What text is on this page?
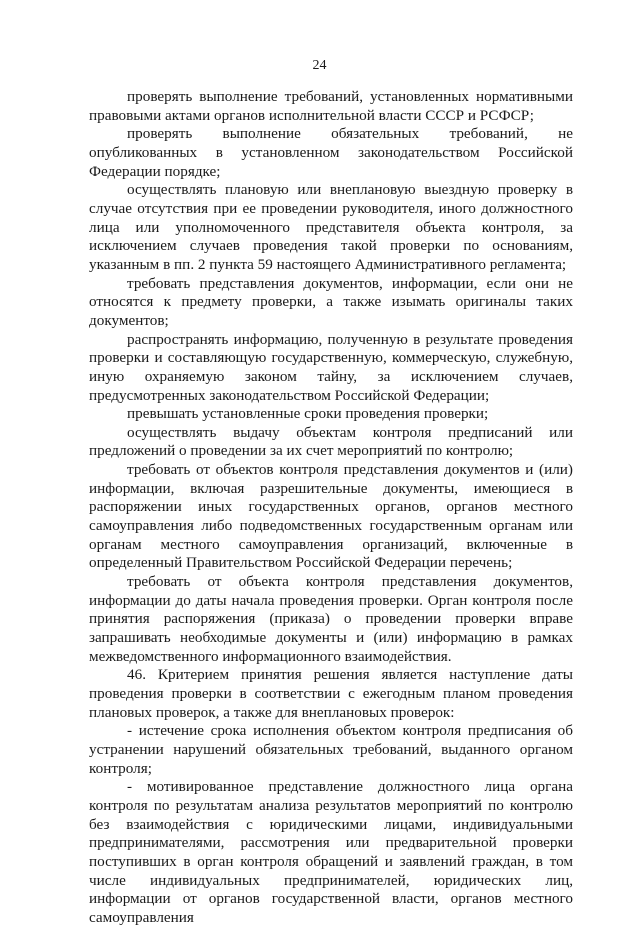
24

проверять выполнение требований, установленных нормативными правовыми актами органов исполнительной власти СССР и РСФСР;

проверять выполнение обязательных требований, не опубликованных в установленном законодательством Российской Федерации порядке;

осуществлять плановую или внеплановую выездную проверку в случае отсутствия при ее проведении руководителя, иного должностного лица или уполномоченного представителя объекта контроля, за исключением случаев проведения такой проверки по основаниям, указанным в пп. 2 пункта 59 настоящего Административного регламента;

требовать представления документов, информации, если они не относятся к предмету проверки, а также изымать оригиналы таких документов;

распространять информацию, полученную в результате проведения проверки и составляющую государственную, коммерческую, служебную, иную охраняемую законом тайну, за исключением случаев, предусмотренных законодательством Российской Федерации;

превышать установленные сроки проведения проверки;

осуществлять выдачу объектам контроля предписаний или предложений о проведении за их счет мероприятий по контролю;

требовать от объектов контроля представления документов и (или) информации, включая разрешительные документы, имеющиеся в распоряжении иных государственных органов, органов местного самоуправления либо подведомственных государственным органам или органам местного самоуправления организаций, включенные в определенный Правительством Российской Федерации перечень;

требовать от объекта контроля представления документов, информации до даты начала проведения проверки. Орган контроля после принятия распоряжения (приказа) о проведении проверки вправе запрашивать необходимые документы и (или) информацию в рамках межведомственного информационного взаимодействия.

46. Критерием принятия решения является наступление даты проведения проверки в соответствии с ежегодным планом проведения плановых проверок, а также для внеплановых проверок:

- истечение срока исполнения объектом контроля предписания об устранении нарушений обязательных требований, выданного органом контроля;

- мотивированное представление должностного лица органа контроля по результатам анализа результатов мероприятий по контролю без взаимодействия с юридическими лицами, индивидуальными предпринимателями, рассмотрения или предварительной проверки поступивших в орган контроля обращений и заявлений граждан, в том числе индивидуальных предпринимателей, юридических лиц, информации от органов государственной власти, органов местного самоуправления
